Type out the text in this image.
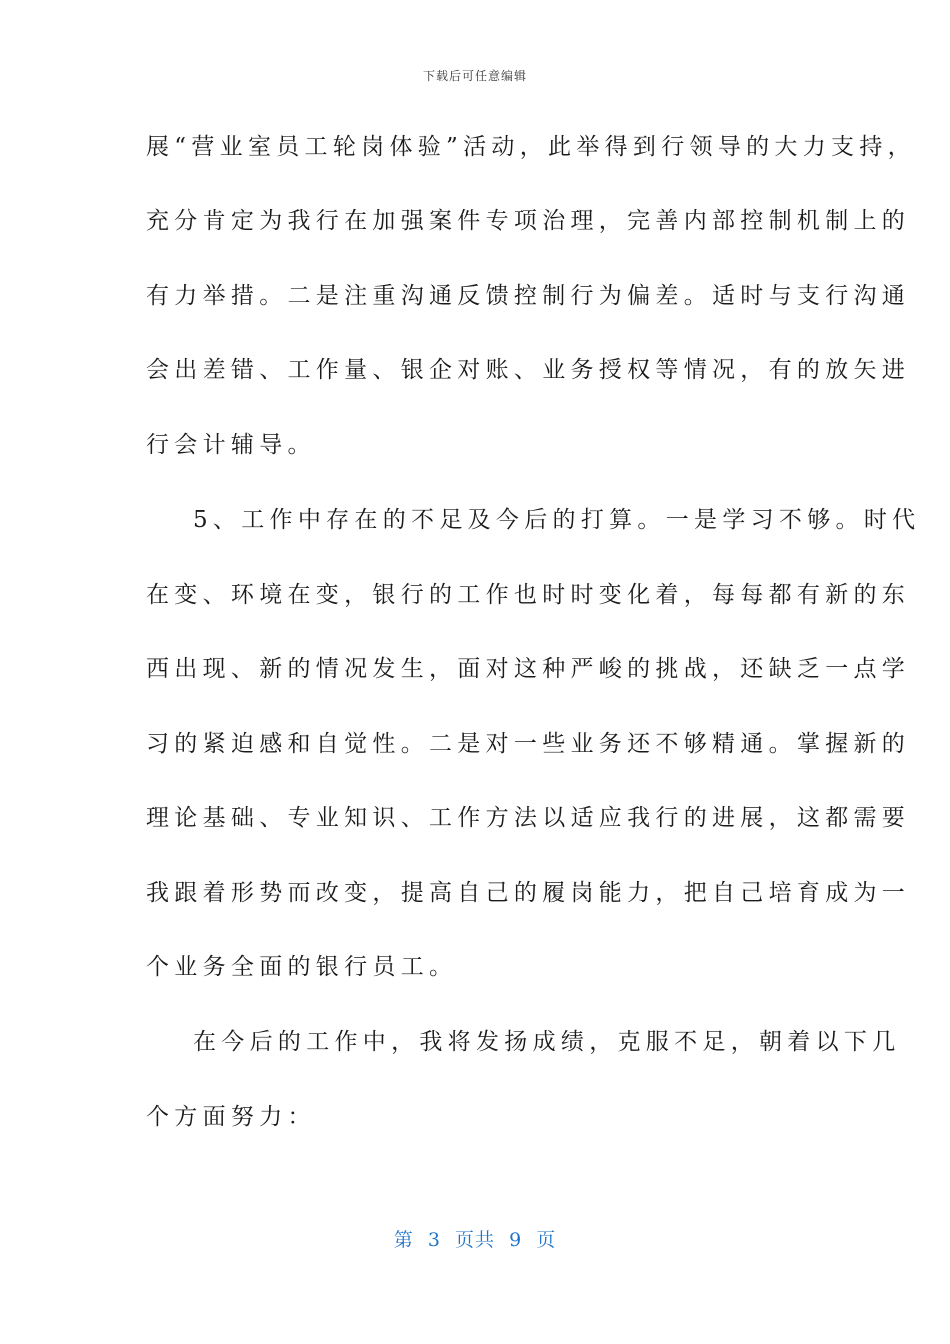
下载后可任意编辑
展“营业室员工轮岗体验”活动，此举得到行领导的大力支持，
充分肯定为我行在加强案件专项治理，完善内部控制机制上的
有力举措。二是注重沟通反馈控制行为偏差。适时与支行沟通
会出差错、工作量、银企对账、业务授权等情况，有的放矢进
行会计辅导。
5、工作中存在的不足及今后的打算。一是学习不够。时代
在变、环境在变，银行的工作也时时变化着，每每都有新的东
西出现、新的情况发生，面对这种严峻的挑战，还缺乏一点学
习的紧迫感和自觉性。二是对一些业务还不够精通。掌握新的
理论基础、专业知识、工作方法以适应我行的进展，这都需要
我跟着形势而改变，提高自己的履岗能力，把自己培育成为一
个业务全面的银行员工。
在今后的工作中，我将发扬成绩，克服不足，朝着以下几
个方面努力：
第  3  页共  9  页
